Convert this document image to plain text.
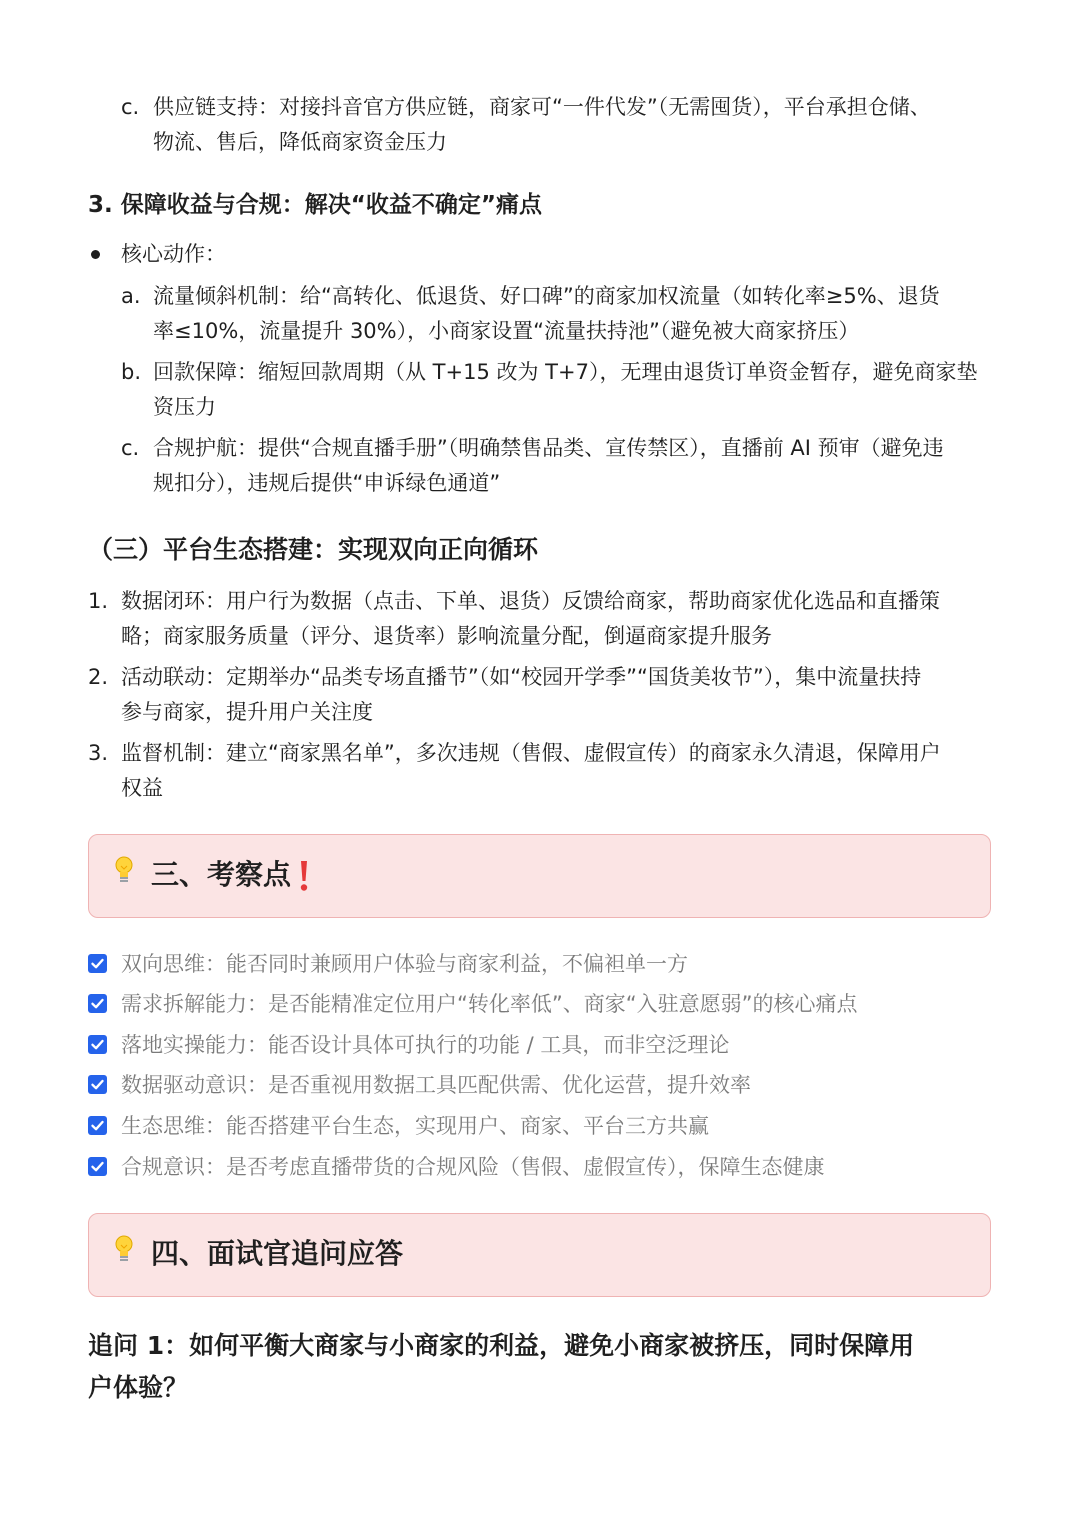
c. 供应链支持：对接抖音官方供应链，商家可“一件代发”（无需囤货），平台承担仓储、
物流、售后，降低商家资金压力
3. 保障收益与合规：解决“收益不确定”痛点
核心动作：
a. 流量倾斜机制：给“高转化、低退货、好口碑”的商家加权流量（如转化率≥5%、退货
率≤10%，流量提升 30%），小商家设置“流量扶持池”（避免被大商家挤压）
b. 回款保障：缩短回款周期（从 T+15 改为 T+7），无理由退货订单资金暂存，避免商家垫
资压力
c. 合规护航：提供“合规直播手册”（明确禁售品类、宣传禁区），直播前 AI 预审（避免违
规扣分），违规后提供“申诉绿色通道”
（三）平台生态搭建：实现双向正向循环
1. 数据闭环：用户行为数据（点击、下单、退货）反馈给商家，帮助商家优化选品和直播策
略；商家服务质量（评分、退货率）影响流量分配，倒逼商家提升服务
2. 活动联动：定期举办“品类专场直播节”（如“校园开学季”“国货美妆节”），集中流量扶持
参与商家，提升用户关注度
3. 监督机制：建立“商家黑名单”，多次违规（售假、虚假宣传）的商家永久清退，保障用户
权益
三、考察点
双向思维：能否同时兼顾用户体验与商家利益，不偏袒单一方
需求拆解能力：是否能精准定位用户“转化率低”、商家“入驻意愿弱”的核心痛点
落地实操能力：能否设计具体可执行的功能 / 工具，而非空泛理论
数据驱动意识：是否重视用数据工具匹配供需、优化运营，提升效率
生态思维：能否搭建平台生态，实现用户、商家、平台三方共赢
合规意识：是否考虑直播带货的合规风险（售假、虚假宣传），保障生态健康
四、面试官追问应答
追问 1：如何平衡大商家与小商家的利益，避免小商家被挤压，同时保障用
户体验？
